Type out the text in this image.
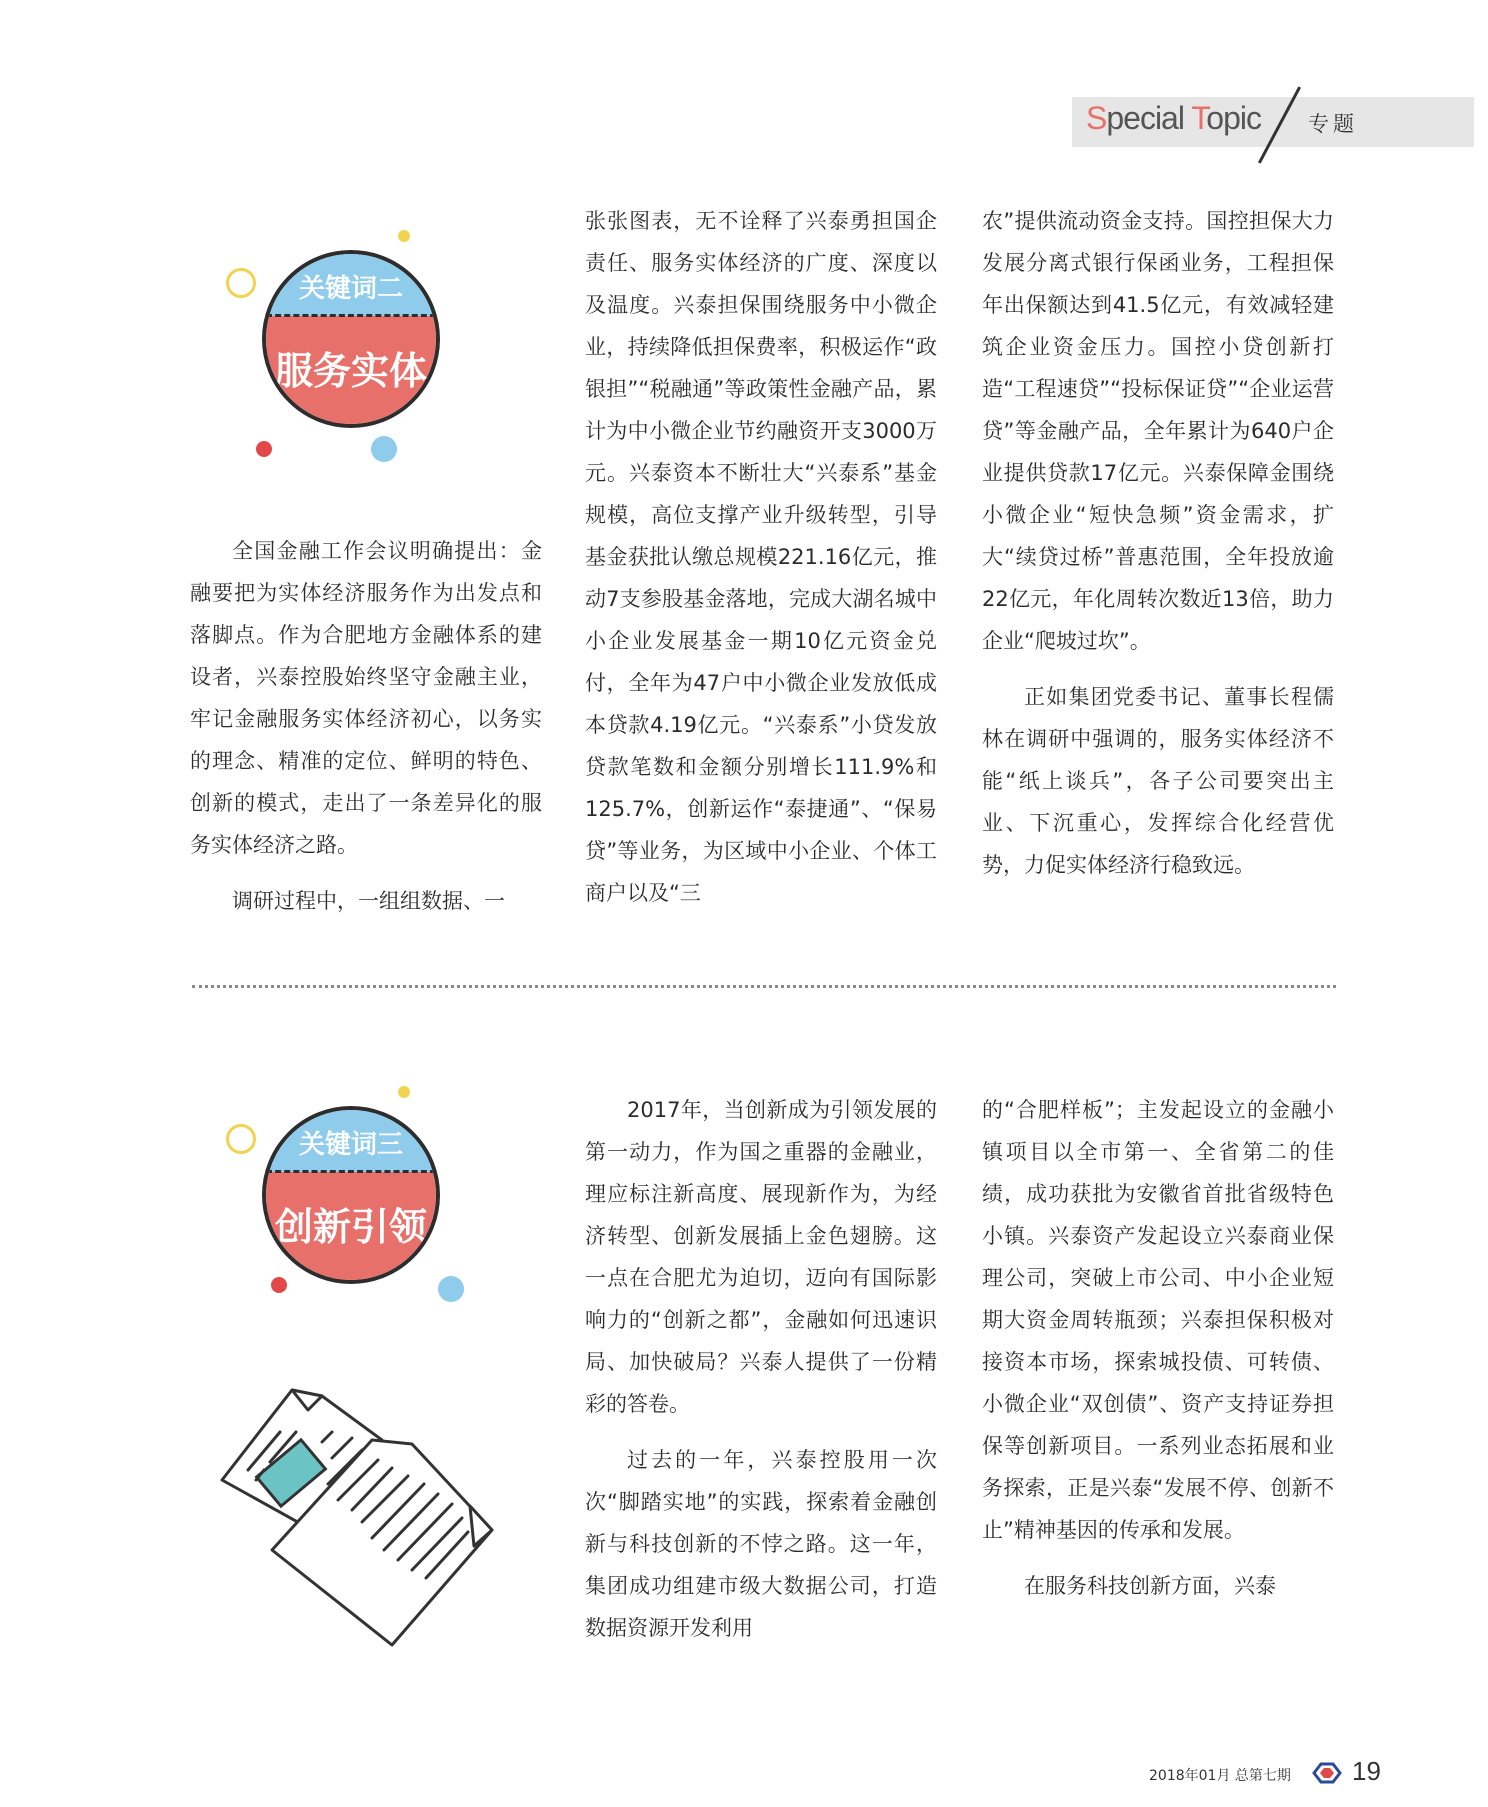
Special Topic 专题
关键词二
服务实体

全国金融工作会议明确提出：金融要把为实体经济服务作为出发点和落脚点。作为合肥地方金融体系的建设者，兴泰控股始终坚守金融主业，牢记金融服务实体经济初心，以务实的理念、精准的定位、鲜明的特色、创新的模式，走出了一条差异化的服务实体经济之路。

调研过程中，一组组数据、一

张张图表，无不诠释了兴泰勇担国企责任、服务实体经济的广度、深度以及温度。兴泰担保围绕服务中小微企业，持续降低担保费率，积极运作“政银担”“税融通”等政策性金融产品，累计为中小微企业节约融资开支3000万元。兴泰资本不断壮大“兴泰系”基金规模，高位支撑产业升级转型，引导基金获批认缴总规模221.16亿元，推动7支参股基金落地，完成大湖名城中小企业发展基金一期10亿元资金兑付，全年为47户中小微企业发放低成本贷款4.19亿元。“兴泰系”小贷发放贷款笔数和金额分别增长111.9%和125.7%，创新运作“泰捷通”、“保易贷”等业务，为区域中小企业、个体工商户以及“三

农”提供流动资金支持。国控担保大力发展分离式银行保函业务，工程担保年出保额达到41.5亿元，有效减轻建筑企业资金压力。国控小贷创新打造“工程速贷”“投标保证贷”“企业运营贷”等金融产品，全年累计为640户企业提供贷款17亿元。兴泰保障金围绕小微企业“短快急频”资金需求，扩大“续贷过桥”普惠范围，全年投放逾22亿元，年化周转次数近13倍，助力企业“爬坡过坎”。

正如集团党委书记、董事长程儒林在调研中强调的，服务实体经济不能“纸上谈兵”，各子公司要突出主业、下沉重心，发挥综合化经营优势，力促实体经济行稳致远。

关键词三
创新引领

2017年，当创新成为引领发展的第一动力，作为国之重器的金融业，理应标注新高度、展现新作为，为经济转型、创新发展插上金色翅膀。这一点在合肥尤为迫切，迈向有国际影响力的“创新之都”，金融如何迅速识局、加快破局？兴泰人提供了一份精彩的答卷。

过去的一年，兴泰控股用一次次“脚踏实地”的实践，探索着金融创新与科技创新的不悖之路。这一年，集团成功组建市级大数据公司，打造数据资源开发利用

的“合肥样板”；主发起设立的金融小镇项目以全市第一、全省第二的佳绩，成功获批为安徽省首批省级特色小镇。兴泰资产发起设立兴泰商业保理公司，突破上市公司、中小企业短期大资金周转瓶颈；兴泰担保积极对接资本市场，探索城投债、可转债、小微企业“双创债”、资产支持证券担保等创新项目。一系列业态拓展和业务探索，正是兴泰“发展不停、创新不止”精神基因的传承和发展。

在服务科技创新方面，兴泰

2018年01月 总第七期 19
